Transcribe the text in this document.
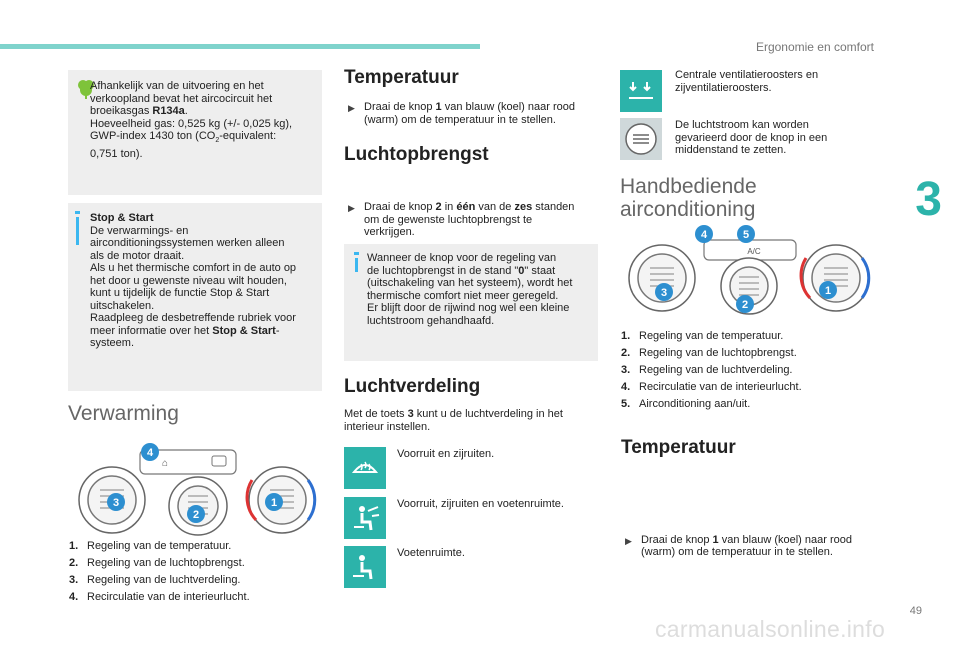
Ergonomie en comfort
3
49
carmanualsonline.info
Afhankelijk van de uitvoering en het
verkoopland bevat het aircocircuit het
broeikasgas R134a.
Hoeveelheid gas: 0,525 kg (+/- 0,025 kg),
GWP-index 1430 ton ($CO_2$-equivalent:
0,751 ton).
Stop & Start
De verwarmings- en
airconditioningssystemen werken alleen
als de motor draait.
Als u het thermische comfort in de auto op
het door u gewenste niveau wilt houden,
kunt u tijdelijk de functie Stop & Start
uitschakelen.
Raadpleeg de desbetreffende rubriek voor
meer informatie over het Stop & Start-
systeem.
Verwarming
⌂
4
3
2
1
1. Regeling van de temperatuur.
2. Regeling van de luchtopbrengst.
3. Regeling van de luchtverdeling.
4. Recirculatie van de interieurlucht.
Temperatuur
▶ Draai de knop 1 van blauw (koel) naar rood
(warm) om de temperatuur in te stellen.
Luchtopbrengst
▶ Draai de knop 2 in één van de zes standen
om de gewenste luchtopbrengst te
verkrijgen.
Wanneer de knop voor de regeling van
de luchtopbrengst in de stand "0" staat
(uitschakeling van het systeem), wordt het
thermische comfort niet meer geregeld.
Er blijft door de rijwind nog wel een kleine
luchtstroom gehandhaafd.
Luchtverdeling
Met de toets 3 kunt u de luchtverdeling in het
interieur instellen.
Voorruit en zijruiten.
Voorruit, zijruiten en voetenruimte.
Voetenruimte.
Centrale ventilatieroosters en
zijventilatieroosters.
De luchtstroom kan worden
gevarieerd door de knop in een
middenstand te zetten.
Handbediende
airconditioning
A/C
4	5
3
2
1
1. Regeling van de temperatuur.
2. Regeling van de luchtopbrengst.
3. Regeling van de luchtverdeling.
4. Recirculatie van de interieurlucht.
5. Airconditioning aan/uit.
Temperatuur
▶ Draai de knop 1 van blauw (koel) naar rood
(warm) om de temperatuur in te stellen.
